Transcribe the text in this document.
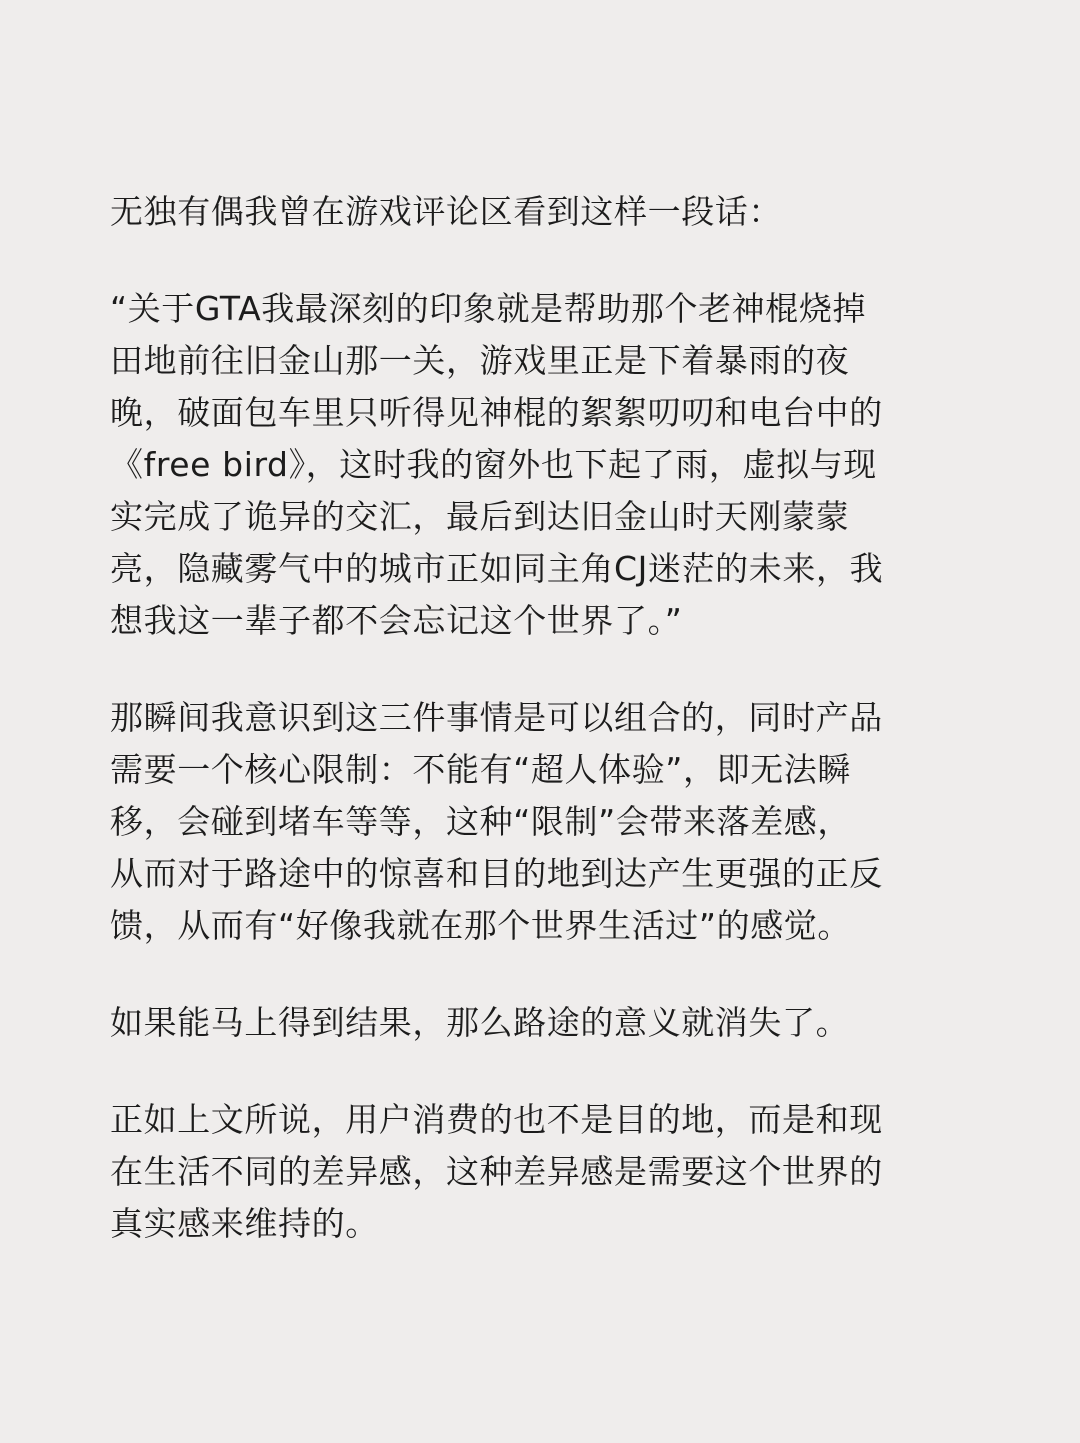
无独有偶我曾在游戏评论区看到这样一段话：

“关于GTA我最深刻的印象就是帮助那个老神棍烧掉
田地前往旧金山那一关，游戏里正是下着暴雨的夜
晚，破面包车里只听得见神棍的絮絮叨叨和电台中的
《free bird》，这时我的窗外也下起了雨，虚拟与现
实完成了诡异的交汇，最后到达旧金山时天刚蒙蒙
亮，隐藏雾气中的城市正如同主角CJ迷茫的未来，我
想我这一辈子都不会忘记这个世界了。”

那瞬间我意识到这三件事情是可以组合的，同时产品
需要一个核心限制：不能有“超人体验”，即无法瞬
移，会碰到堵车等等，这种“限制”会带来落差感，
从而对于路途中的惊喜和目的地到达产生更强的正反
馈，从而有“好像我就在那个世界生活过”的感觉。

如果能马上得到结果，那么路途的意义就消失了。

正如上文所说，用户消费的也不是目的地，而是和现
在生活不同的差异感，这种差异感是需要这个世界的
真实感来维持的。
